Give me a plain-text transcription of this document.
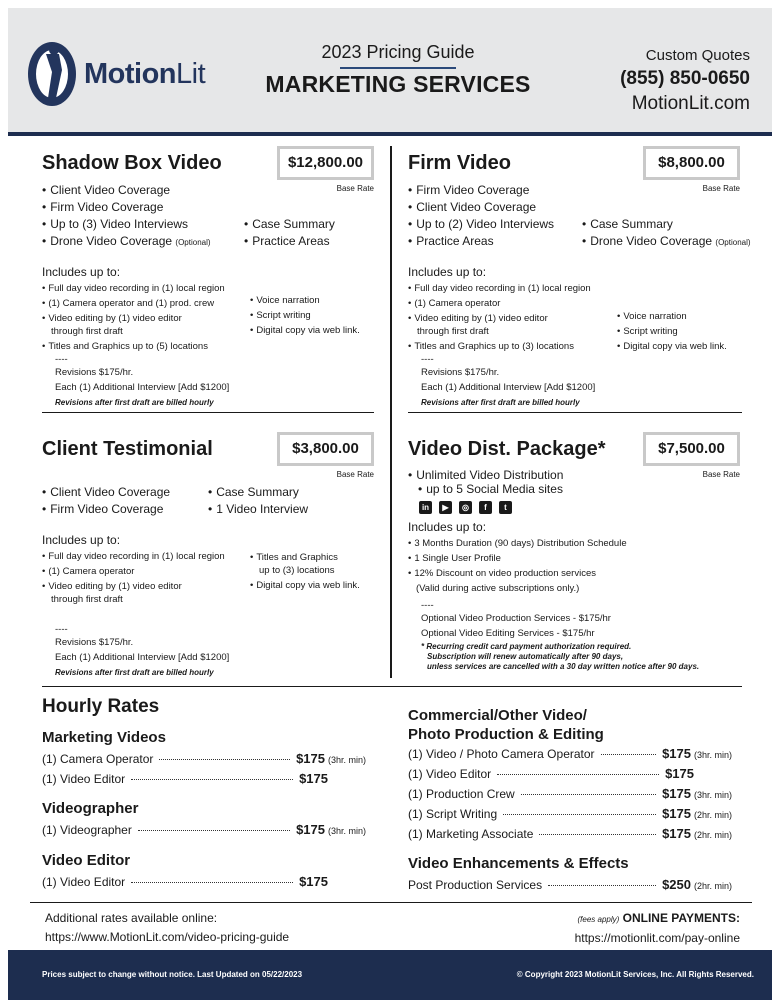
MotionLit
2023 Pricing Guide
MARKETING SERVICES
Custom Quotes
(855) 850-0650
MotionLit.com
Shadow Box Video	$12,800.00
Base Rate
• Client Video Coverage
• Firm Video Coverage
• Up to (3) Video Interviews
• Drone Video Coverage (Optional)
• Case Summary
• Practice Areas
Includes up to:
• Full day video recording in (1) local region
• (1) Camera operator and (1) prod. crew
• Video editing by (1) video editor
through first draft
• Titles and Graphics up to (5) locations
• Voice narration
• Script writing
• Digital copy via web link.
----
Revisions $175/hr.
Each (1) Additional Interview [Add $1200]
Revisions after first draft are billed hourly
Firm Video	$8,800.00
Base Rate
• Firm Video Coverage
• Client Video Coverage
• Up to (2) Video Interviews
• Practice Areas
• Case Summary
• Drone Video Coverage (Optional)
Includes up to:
• Full day video recording in (1) local region
• (1) Camera operator
• Video editing by (1) video editor
through first draft
• Titles and Graphics up to (3) locations
• Voice narration
• Script writing
• Digital copy via web link.
----
Revisions $175/hr.
Each (1) Additional Interview [Add $1200]
Revisions after first draft are billed hourly
Client Testimonial	$3,800.00
Base Rate
• Client Video Coverage
• Firm Video Coverage
• Case Summary
• 1 Video Interview
Includes up to:
• Full day video recording in (1) local region
• (1) Camera operator
• Video editing by (1) video editor
through first draft
• Titles and Graphics
up to (3) locations
• Digital copy via web link.
----
Revisions $175/hr.
Each (1) Additional Interview [Add $1200]
Revisions after first draft are billed hourly
Video Dist. Package*	$7,500.00
Base Rate
• Unlimited Video Distribution
• up to 5 Social Media sites
in	▶	◎	f	t
Includes up to:
• 3 Months Duration (90 days) Distribution Schedule
• 1 Single User Profile
• 12% Discount on video production services
(Valid during active subscriptions only.)
----
Optional Video Production Services - $175/hr
Optional Video Editing Services - $175/hr
* Recurring credit card payment authorization required.
Subscription will renew automatically after 90 days,
unless services are cancelled with a 30 day written notice after 90 days.
Hourly Rates
Marketing Videos
(1) Camera Operator	$175 (3hr. min)
(1) Video Editor	$175
Videographer
(1) Videographer	$175 (3hr. min)
Video Editor
(1) Video Editor	$175
Commercial/Other Video/
Photo Production & Editing
(1) Video / Photo Camera Operator	$175 (3hr. min)
(1) Video Editor	$175
(1) Production Crew	$175 (3hr. min)
(1) Script Writing	$175 (2hr. min)
(1) Marketing Associate	$175 (2hr. min)
Video Enhancements & Effects
Post Production Services	$250 (2hr. min)
Additional rates available online:
https://www.MotionLit.com/video-pricing-guide
(fees apply) ONLINE PAYMENTS:
https://motionlit.com/pay-online
Prices subject to change without notice. Last Updated on 05/22/2023	© Copyright 2023 MotionLit Services, Inc. All Rights Reserved.
